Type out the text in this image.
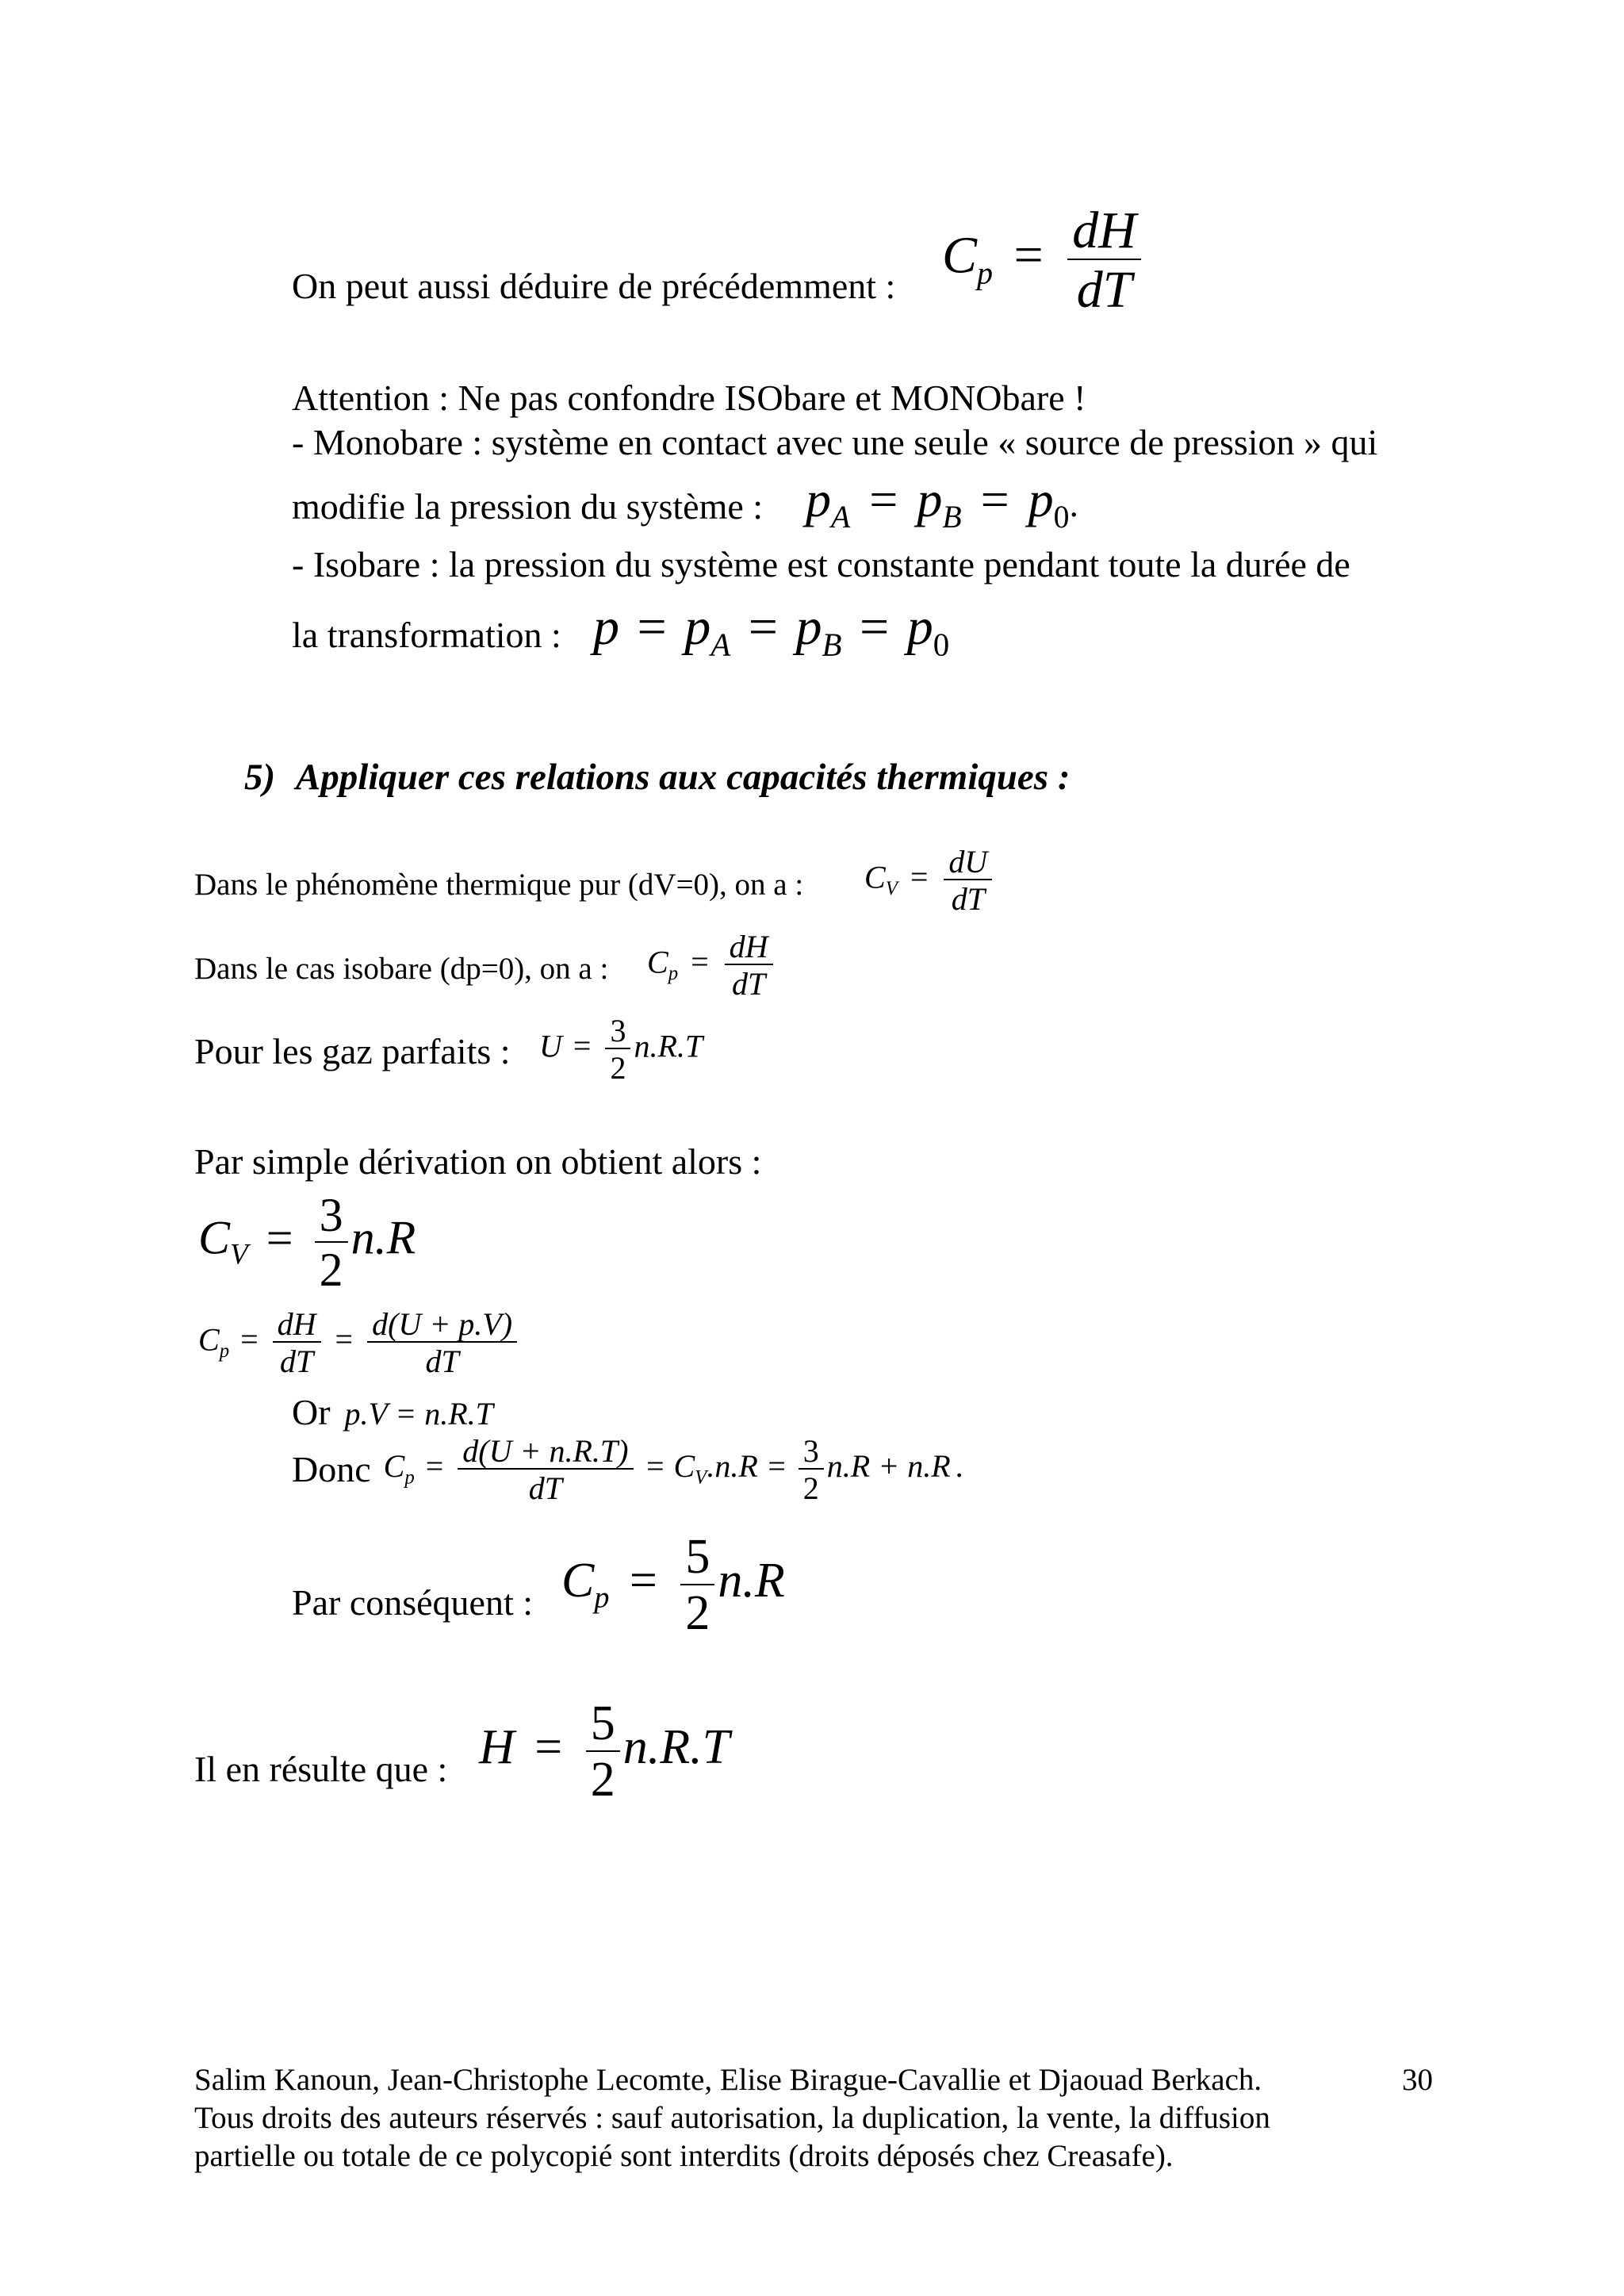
On peut aussi déduire de précédemment :
$C_p = \frac{dH}{dT}$
Attention : Ne pas confondre ISObare et MONObare !
- Monobare : système en contact avec une seule « source de pression » qui
modifie la pression du système : $p_A = p_B = p_0$.
- Isobare : la pression du système est constante pendant toute la durée de
la transformation : $p = p_A = p_B = p_0$
5) Appliquer ces relations aux capacités thermiques :
Dans le phénomène thermique pur (dV=0), on a : $C_V = \frac{dU}{dT}$
Dans le cas isobare (dp=0), on a : $C_p = \frac{dH}{dT}$
Pour les gaz parfaits : $U = \frac{3}{2} n.R.T$
Par simple dérivation on obtient alors :
$C_V = \frac{3}{2} n.R$
$C_p = \frac{dH}{dT} = \frac{d(U + p.V)}{dT}$
Or p.V = n.R.T
Donc $C_p = \frac{d(U + n.R.T)}{dT} = C_V.n.R = \frac{3}{2} n.R + n.R$ .
Par conséquent : $C_p = \frac{5}{2} n.R$
Il en résulte que : $H = \frac{5}{2} n.R.T$
Salim Kanoun, Jean-Christophe Lecomte, Elise Birague-Cavallie et Djaouad Berkach.	30
Tous droits des auteurs réservés : sauf autorisation, la duplication, la vente, la diffusion
partielle ou totale de ce polycopié sont interdits (droits déposés chez Creasafe).
